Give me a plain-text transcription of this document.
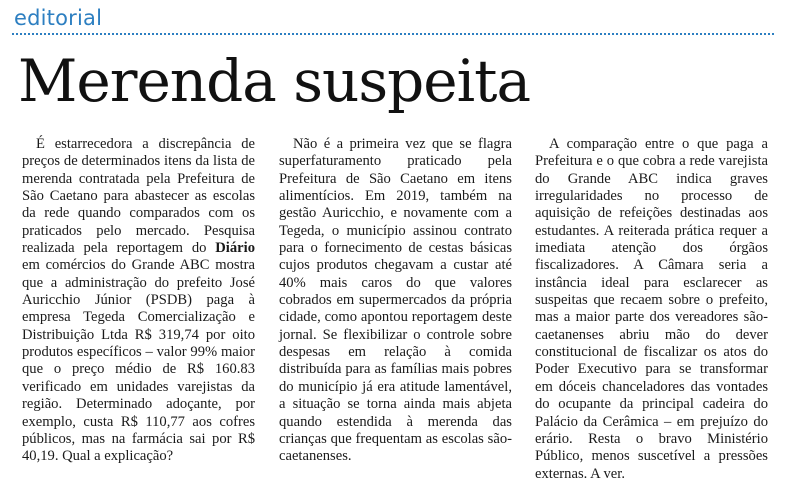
editorial
Merenda suspeita

É estarrecedora a discrepância de preços de determinados itens da lista de merenda contratada pela Prefeitura de São Caetano para abastecer as escolas da rede quando comparados com os praticados pelo mercado. Pesquisa realizada pela reportagem do Diário em comércios do Grande ABC mostra que a administração do prefeito José Auricchio Júnior (PSDB) paga à empresa Tegeda Comercialização e Distribuição Ltda R$ 319,74 por oito produtos específicos – valor 99% maior que o preço médio de R$ 160.83 verificado em unidades varejistas da região. Determinado adoçante, por exemplo, custa R$ 110,77 aos cofres públicos, mas na farmácia sai por R$ 40,19. Qual a explicação?

Não é a primeira vez que se flagra superfaturamento praticado pela Prefeitura de São Caetano em itens alimentícios. Em 2019, também na gestão Auricchio, e novamente com a Tegeda, o município assinou contrato para o fornecimento de cestas básicas cujos produtos chegavam a custar até 40% mais caros do que valores cobrados em supermercados da própria cidade, como apontou reportagem deste jornal. Se flexibilizar o controle sobre despesas em relação à comida distribuída para as famílias mais pobres do município já era atitude lamentável, a situação se torna ainda mais abjeta quando estendida à merenda das crianças que frequentam as escolas são-caetanenses.

A comparação entre o que paga a Prefeitura e o que cobra a rede varejista do Grande ABC indica graves irregularidades no processo de aquisição de refeições destinadas aos estudantes. A reiterada prática requer a imediata atenção dos órgãos fiscalizadores. A Câmara seria a instância ideal para esclarecer as suspeitas que recaem sobre o prefeito, mas a maior parte dos vereadores são-caetanenses abriu mão do dever constitucional de fiscalizar os atos do Poder Executivo para se transformar em dóceis chanceladores das vontades do ocupante da principal cadeira do Palácio da Cerâmica – em prejuízo do erário. Resta o bravo Ministério Público, menos suscetível a pressões externas. A ver.
